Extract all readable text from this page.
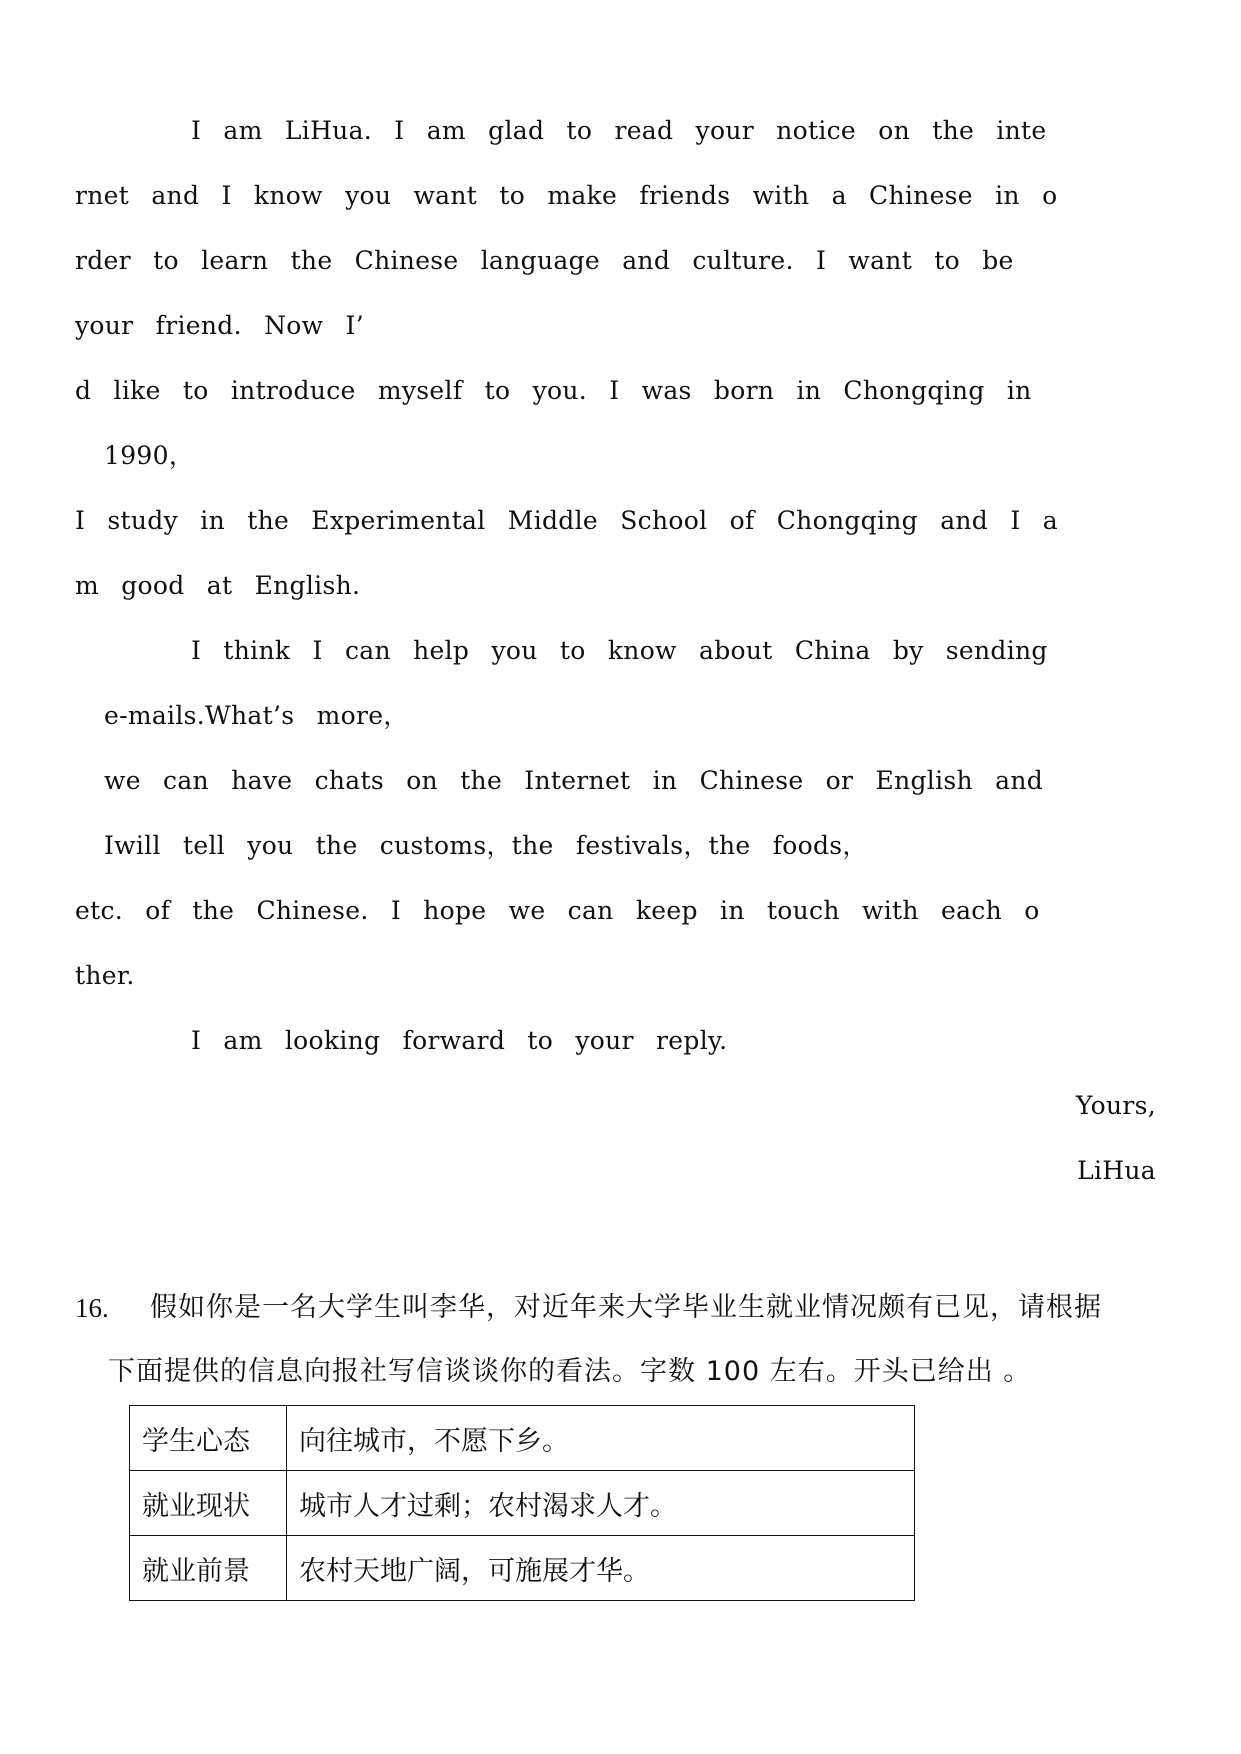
I am LiHua. I am glad to read your notice on the inte

rnet and I know you want to make friends with a Chinese in o

rder to learn the Chinese language and culture. I want to be

your friend. Now I’

d like to introduce myself to you. I was born in Chongqing in

1990，

I study in the Experimental Middle School of Chongqing and I a

m good at English.

I think I can help you to know about China by sending

e-mails.What’s more，

we can have chats on the Internet in Chinese or English and

Iwill tell you the customs，the festivals，the foods，

etc. of the Chinese. I hope we can keep in touch with each o

ther.

I am looking forward to your reply.

Yours,

LiHua

16. 假如你是一名大学生叫李华，对近年来大学毕业生就业情况颇有已见，请根据

下面提供的信息向报社写信谈谈你的看法。字数 100 左右。开头已给出 。

学生心态	向往城市，不愿下乡。
就业现状	城市人才过剩；农村渴求人才。
就业前景	农村天地广阔，可施展才华。
